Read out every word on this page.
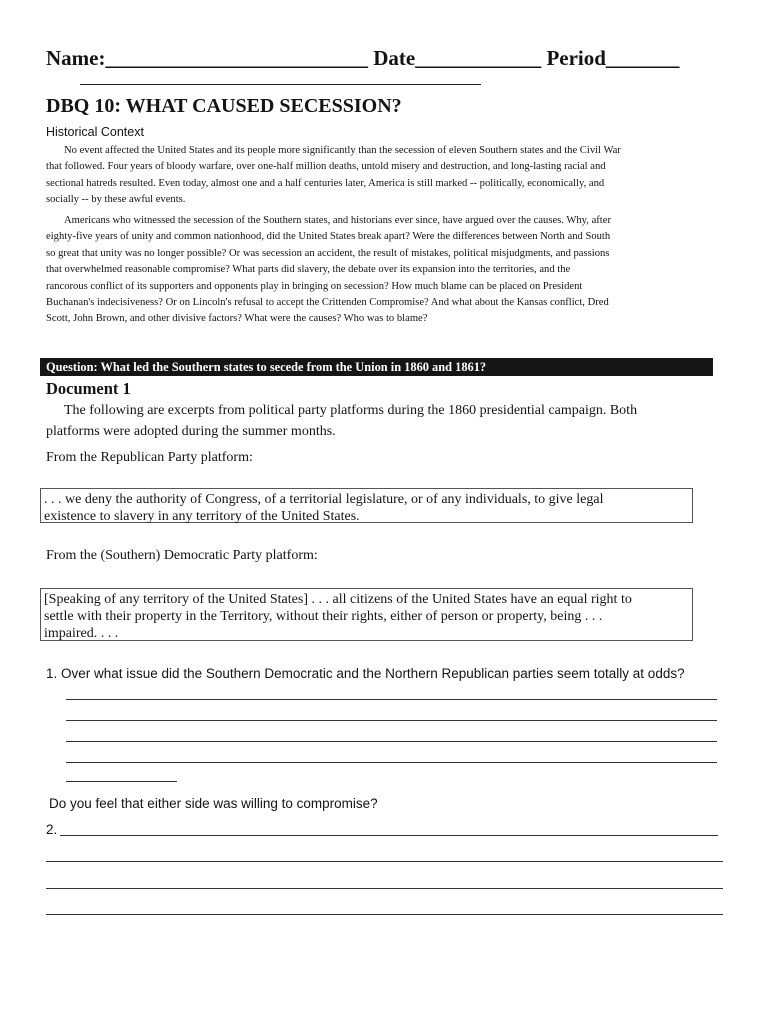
Name:_________________________ Date____________ Period_______
DBQ 10: WHAT CAUSED SECESSION?
Historical Context
No event affected the United States and its people more significantly than the secession of eleven Southern states and the Civil War
that followed. Four years of bloody warfare, over one-half million deaths, untold misery and destruction, and long-lasting racial and
sectional hatreds resulted. Even today, almost one and a half centuries later, America is still marked -- politically, economically, and
socially -- by these awful events.
Americans who witnessed the secession of the Southern states, and historians ever since, have argued over the causes. Why, after
eighty-five years of unity and common nationhood, did the United States break apart? Were the differences between North and South
so great that unity was no longer possible? Or was secession an accident, the result of mistakes, political misjudgments, and passions
that overwhelmed reasonable compromise? What parts did slavery, the debate over its expansion into the territories, and the
rancorous conflict of its supporters and opponents play in bringing on secession? How much blame can be placed on President
Buchanan's indecisiveness? Or on Lincoln's refusal to accept the Crittenden Compromise? And what about the Kansas conflict, Dred
Scott, John Brown, and other divisive factors? What were the causes? Who was to blame?
Question: What led the Southern states to secede from the Union in 1860 and 1861?
Document 1
The following are excerpts from political party platforms during the 1860 presidential campaign. Both
platforms were adopted during the summer months.
From the Republican Party platform:
. . . we deny the authority of Congress, of a territorial legislature, or of any individuals, to give legal
existence to slavery in any territory of the United States.
From the (Southern) Democratic Party platform:
[Speaking of any territory of the United States] . . . all citizens of the United States have an equal right to
settle with their property in the Territory, without their rights, either of person or property, being . . .
impaired. . . .
1. Over what issue did the Southern Democratic and the Northern Republican parties seem totally at odds?
Do you feel that either side was willing to compromise?
2.
